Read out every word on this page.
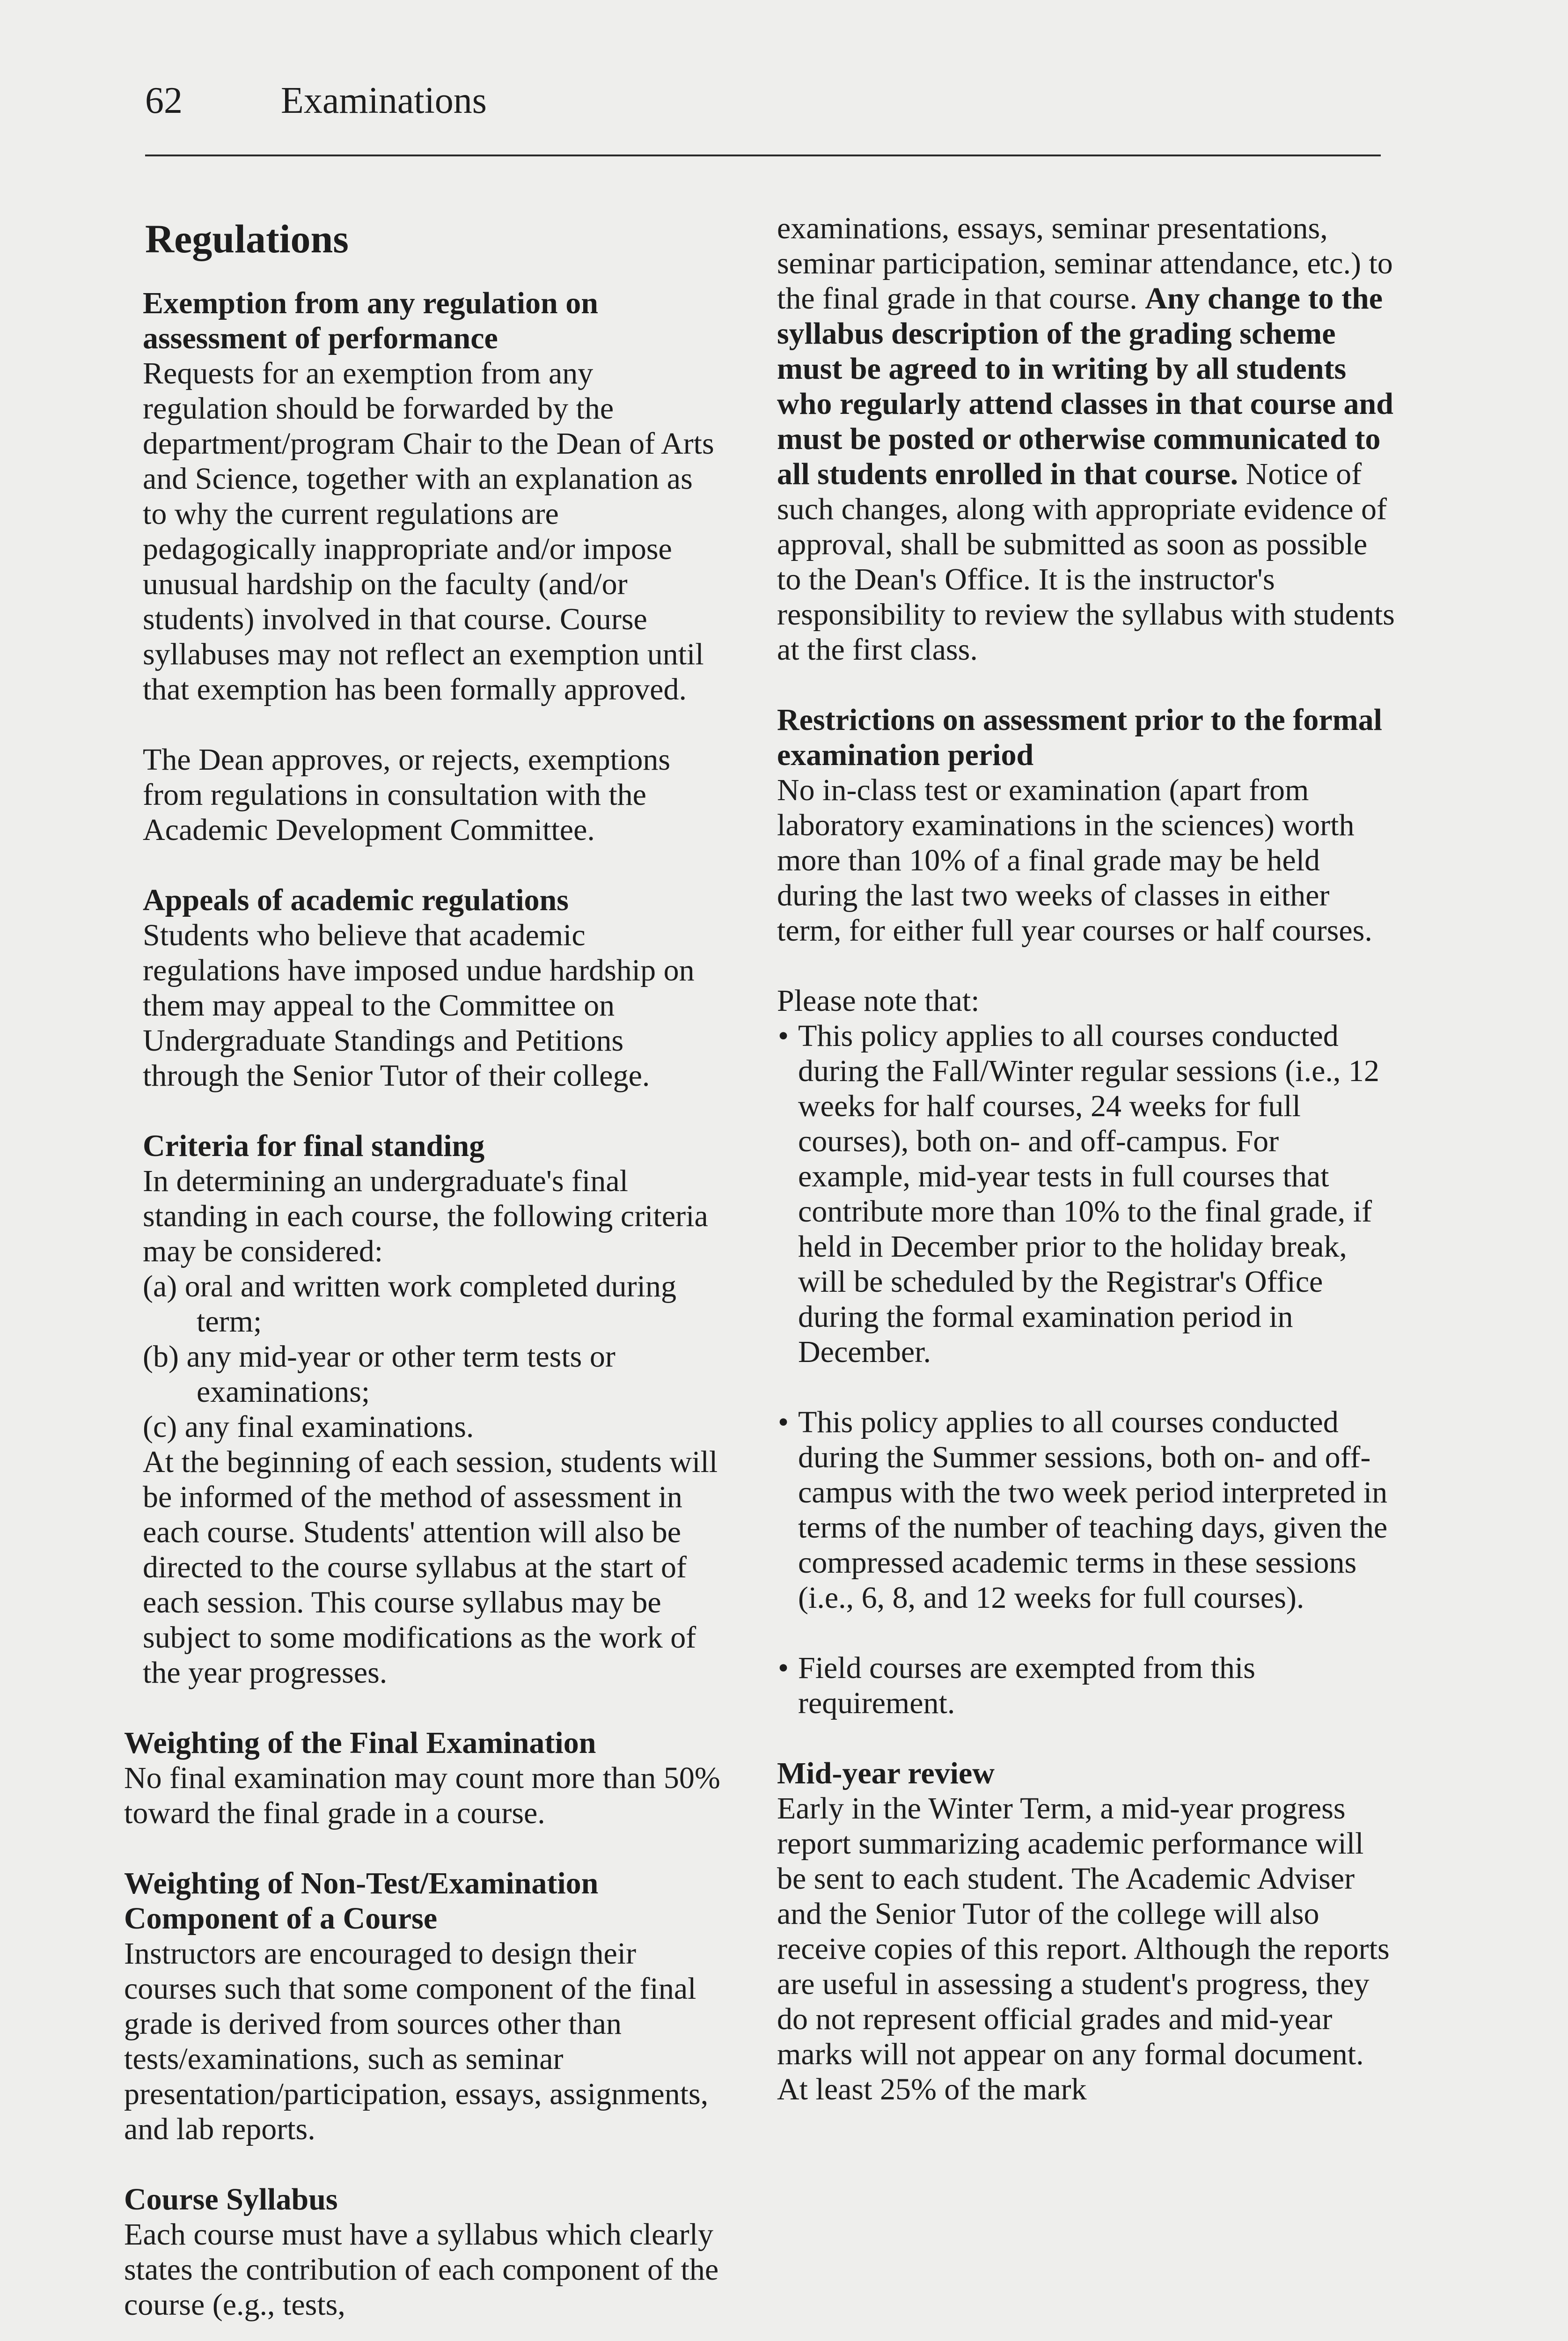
62	Examinations
Regulations
Exemption from any regulation on assessment of performance

Requests for an exemption from any regulation should be forwarded by the department/program Chair to the Dean of Arts and Science, together with an explanation as to why the current regulations are pedagogically inappropriate and/or impose unusual hardship on the faculty (and/or students) involved in that course. Course syllabuses may not reflect an exemption until that exemption has been formally approved.

The Dean approves, or rejects, exemptions from regulations in consultation with the Academic Development Committee.

Appeals of academic regulations

Students who believe that academic regulations have imposed undue hardship on them may appeal to the Committee on Undergraduate Standings and Petitions through the Senior Tutor of their college.

Criteria for final standing

In determining an undergraduate's final standing in each course, the following criteria may be considered:

(a) oral and written work completed during term;

(b) any mid-year or other term tests or examinations;

(c) any final examinations.

At the beginning of each session, students will be informed of the method of assessment in each course. Students' attention will also be directed to the course syllabus at the start of each session. This course syllabus may be subject to some modifications as the work of the year progresses.

Weighting of the Final Examination

No final examination may count more than 50% toward the final grade in a course.

Weighting of Non-Test/Examination Component of a Course

Instructors are encouraged to design their courses such that some component of the final grade is derived from sources other than tests/examinations, such as seminar presentation/participation, essays, assignments, and lab reports.

Course Syllabus

Each course must have a syllabus which clearly states the contribution of each component of the course (e.g., tests,

examinations, essays, seminar presentations, seminar participation, seminar attendance, etc.) to the final grade in that course. Any change to the syllabus description of the grading scheme must be agreed to in writing by all students who regularly attend classes in that course and must be posted or otherwise communicated to all students enrolled in that course. Notice of such changes, along with appropriate evidence of approval, shall be submitted as soon as possible to the Dean's Office. It is the instructor's responsibility to review the syllabus with students at the first class.

Restrictions on assessment prior to the formal examination period

No in-class test or examination (apart from laboratory examinations in the sciences) worth more than 10% of a final grade may be held during the last two weeks of classes in either term, for either full year courses or half courses.

Please note that:

• This policy applies to all courses conducted during the Fall/Winter regular sessions (i.e., 12 weeks for half courses, 24 weeks for full courses), both on- and off-campus. For example, mid-year tests in full courses that contribute more than 10% to the final grade, if held in December prior to the holiday break, will be scheduled by the Registrar's Office during the formal examination period in December.
• This policy applies to all courses conducted during the Summer sessions, both on- and off-campus with the two week period interpreted in terms of the number of teaching days, given the compressed academic terms in these sessions (i.e., 6, 8, and 12 weeks for full courses).
• Field courses are exempted from this requirement.
Mid-year review

Early in the Winter Term, a mid-year progress report summarizing academic performance will be sent to each student. The Academic Adviser and the Senior Tutor of the college will also receive copies of this report. Although the reports are useful in assessing a student's progress, they do not represent official grades and mid-year marks will not appear on any formal document. At least 25% of the mark
